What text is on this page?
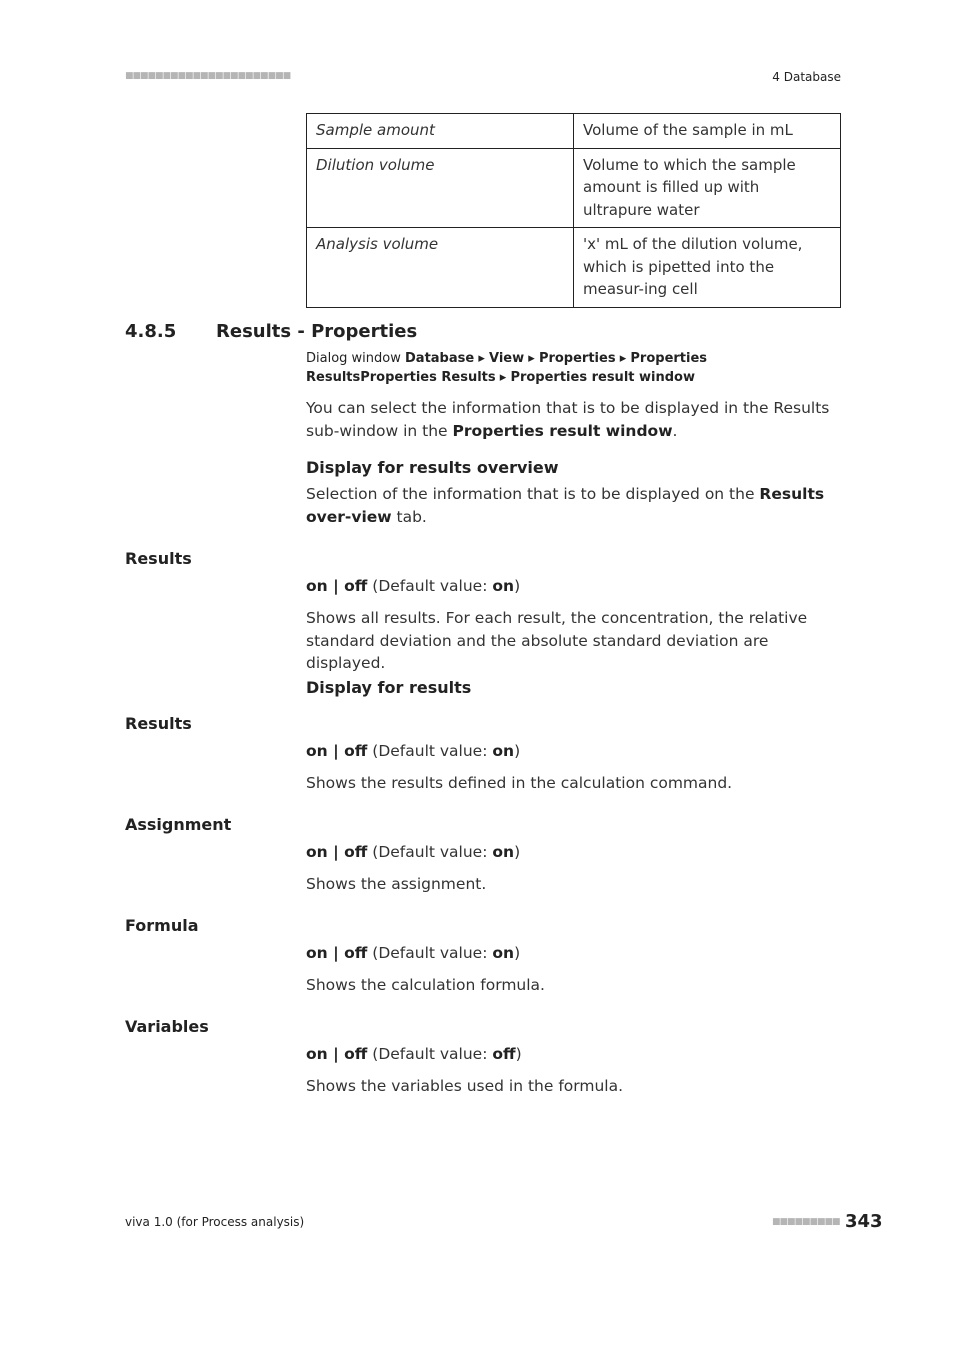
■■■■■■■■■■■■■■■■■■■■■■	4 Database
Sample amount	Volume of the sample in mL
Dilution volume	Volume to which the sample amount is filled up with ultrapure water
Analysis volume	'x' mL of the dilution volume, which is pipetted into the measur-ing cell
4.8.5 Results - Properties
Dialog window Database ▸ View ▸ Properties ▸ Properties ResultsProperties Results ▸ Properties result window
You can select the information that is to be displayed in the Results sub-window in the Properties result window.
Display for results overview
Selection of the information that is to be displayed on the Results over-view tab.
Results
on | off (Default value: on)
Shows all results. For each result, the concentration, the relative standard deviation and the absolute standard deviation are displayed.
Display for results
Results
on | off (Default value: on)
Shows the results defined in the calculation command.
Assignment
on | off (Default value: on)
Shows the assignment.
Formula
on | off (Default value: on)
Shows the calculation formula.
Variables
on | off (Default value: off)
Shows the variables used in the formula.
viva 1.0 (for Process analysis)	■■■■■■■■■ 343
